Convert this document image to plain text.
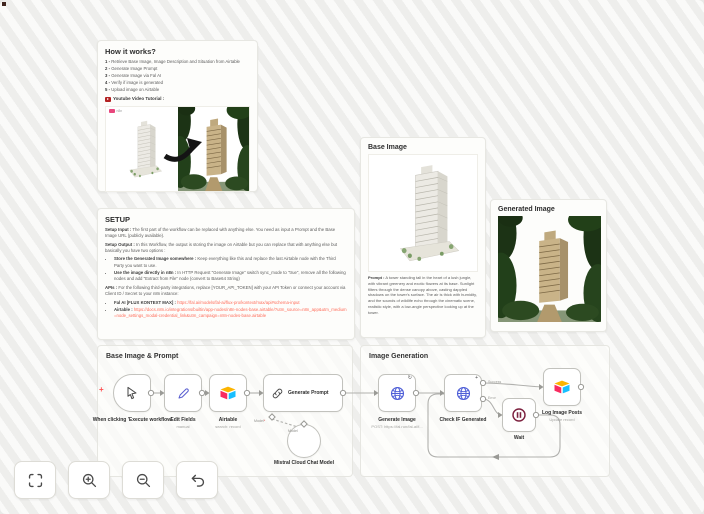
How it works?
1 - Retrieve Base Image, Image Description and Situation from Airtable
2 - Generate Image Prompt
3 - Generate Image via Fal AI
4 - Verify if image is generated
5 - Upload image on Airtable
Youtube Video Tutorial :
n8n
SETUP
Setup Input : The first part of the workflow can be replaced with anything else. You need as input a Prompt and the Base Image URL (publicly available).
Setup Output : In this Workflow, the output is storing the image on Airtable but you can replace that with anything else but basically you have two options :
• Store the Generated Image somewhere : Keep everything like this and replace the last Airtable node with the Third Party you want to use.
• Use the image directly in n8n : In HTTP Request "Generate Image" switch sync_mode to "true", remove all the following nodes and add "Extract from File" node (convert to Base64 String)
APIs : For the following third-party integrations, replace [YOUR_API_TOKEN] with your API Token or connect your account via Client ID / Secret to your n8n instance:
• Fal AI [FLUX KONTEXT MAX] : https://fal.ai/models/fal-ai/flux-pro/kontext/max/api#schema-input
• Airtable : https://docs.n8n.io/integrations/builtin/app-nodes/n8n-nodes-base.airtable/?utm_source=n8n_app&utm_medium=node_settings_modal-credential_link&utm_campaign=n8n-nodes-base.airtable
Base Image
Prompt : A tower standing tall in the heart of a lush jungle, with vibrant greenery and exotic flowers at its base. Sunlight filters through the dense canopy above, casting dappled shadows on the tower's surface. The air is thick with humidity, and the sounds of wildlife echo through the cinematic scene, realistic style, with a low-angle perspective looking up at the tower.
Generated Image
Base Image & Prompt	Image Generation
+	Generate Prompt
M
↻	+
When clicking 'Execute workflow'
Edit Fields
manual
Airtable
search: record
Model*
Model
Mistral Cloud Chat Model
Generate Image
POST: https://fal.run/fal-ai/f...
Check IF Generated
Success
Error
Wait
Log Image Posts
Update record
